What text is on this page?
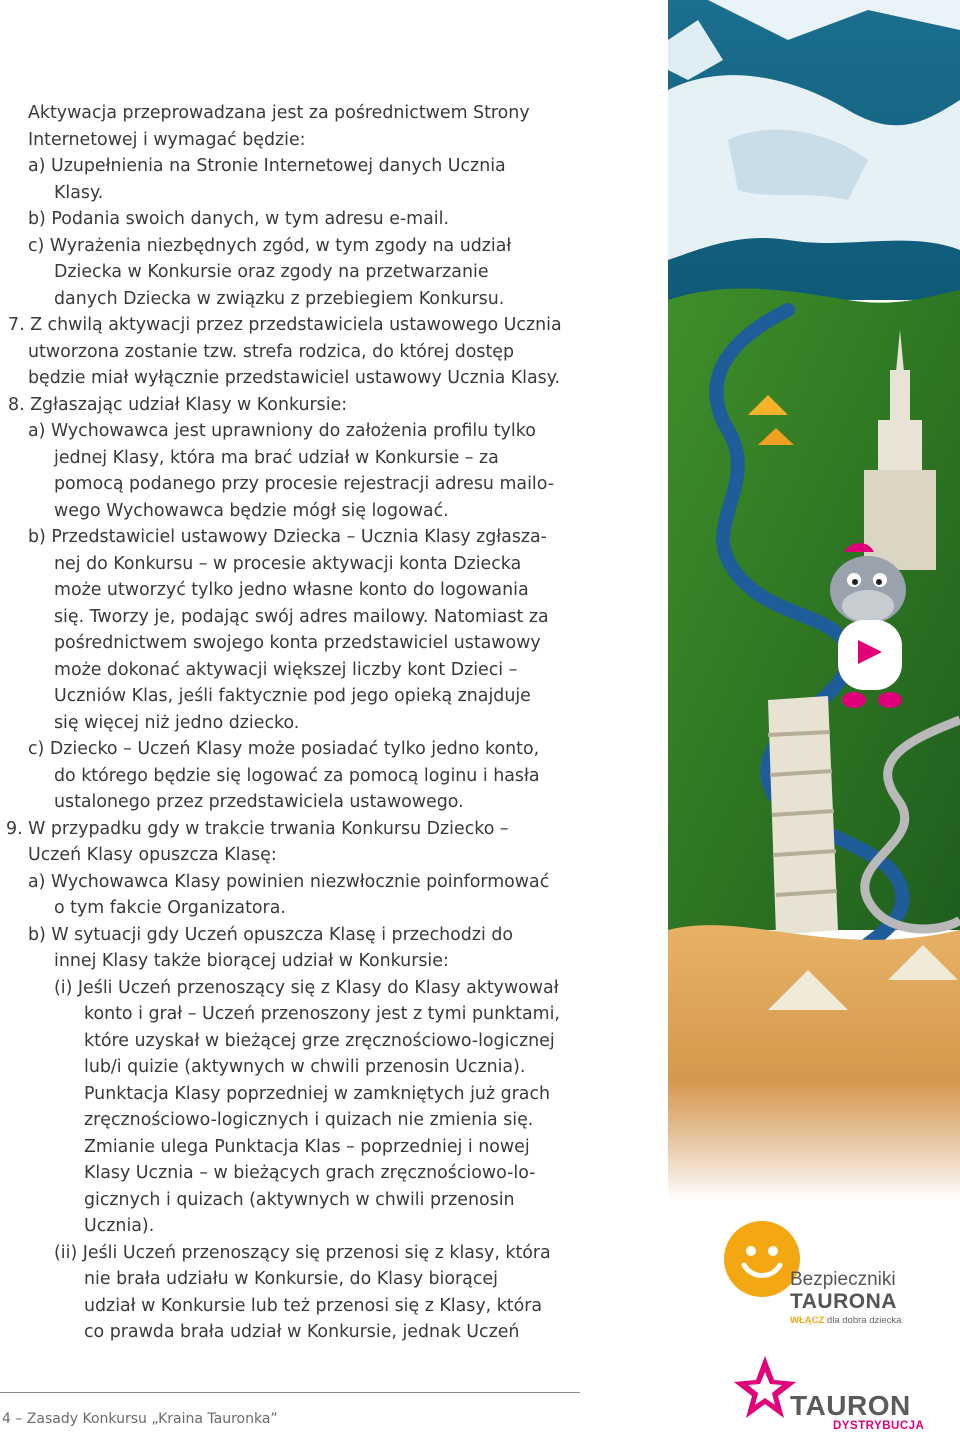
Aktywacja przeprowadzana jest za pośrednictwem Strony
Internetowej i wymagać będzie:
a) Uzupełnienia na Stronie Internetowej danych Ucznia
Klasy.
b) Podania swoich danych, w tym adresu e-mail.
c) Wyrażenia niezbędnych zgód, w tym zgody na udział
Dziecka w Konkursie oraz zgody na przetwarzanie
danych Dziecka w związku z przebiegiem Konkursu.
7. Z chwilą aktywacji przez przedstawiciela ustawowego Ucznia
utworzona zostanie tzw. strefa rodzica, do której dostęp
będzie miał wyłącznie przedstawiciel ustawowy Ucznia Klasy.
8. Zgłaszając udział Klasy w Konkursie:
a) Wychowawca jest uprawniony do założenia profilu tylko
jednej Klasy, która ma brać udział w Konkursie – za
pomocą podanego przy procesie rejestracji adresu mailo-
wego Wychowawca będzie mógł się logować.
b) Przedstawiciel ustawowy Dziecka – Ucznia Klasy zgłasza-
nej do Konkursu – w procesie aktywacji konta Dziecka
może utworzyć tylko jedno własne konto do logowania
się. Tworzy je, podając swój adres mailowy. Natomiast za
pośrednictwem swojego konta przedstawiciel ustawowy
może dokonać aktywacji większej liczby kont Dzieci –
Uczniów Klas, jeśli faktycznie pod jego opieką znajduje
się więcej niż jedno dziecko.
c) Dziecko – Uczeń Klasy może posiadać tylko jedno konto,
do którego będzie się logować za pomocą loginu i hasła
ustalonego przez przedstawiciela ustawowego.
9. W przypadku gdy w trakcie trwania Konkursu Dziecko –
Uczeń Klasy opuszcza Klasę:
a) Wychowawca Klasy powinien niezwłocznie poinformować
o tym fakcie Organizatora.
b) W sytuacji gdy Uczeń opuszcza Klasę i przechodzi do
innej Klasy także biorącej udział w Konkursie:
(i) Jeśli Uczeń przenoszący się z Klasy do Klasy aktywował
konto i grał – Uczeń przenoszony jest z tymi punktami,
które uzyskał w bieżącej grze zręcznościowo-logicznej
lub/i quizie (aktywnych w chwili przenosin Ucznia).
Punktacja Klasy poprzedniej w zamkniętych już grach
zręcznościowo-logicznych i quizach nie zmienia się.
Zmianie ulega Punktacja Klas – poprzedniej i nowej
Klasy Ucznia – w bieżących grach zręcznościowo-lo-
gicznych i quizach (aktywnych w chwili przenosin
Ucznia).
(ii) Jeśli Uczeń przenoszący się przenosi się z klasy, która
nie brała udziału w Konkursie, do Klasy biorącej
udział w Konkursie lub też przenosi się z Klasy, która
co prawda brała udział w Konkursie, jednak Uczeń
4 – Zasady Konkursu „Kraina Tauronka”
Bezpieczniki
TAURONA
WŁĄCZ dla dobra dziecka
TAURON
DYSTRYBUCJA
